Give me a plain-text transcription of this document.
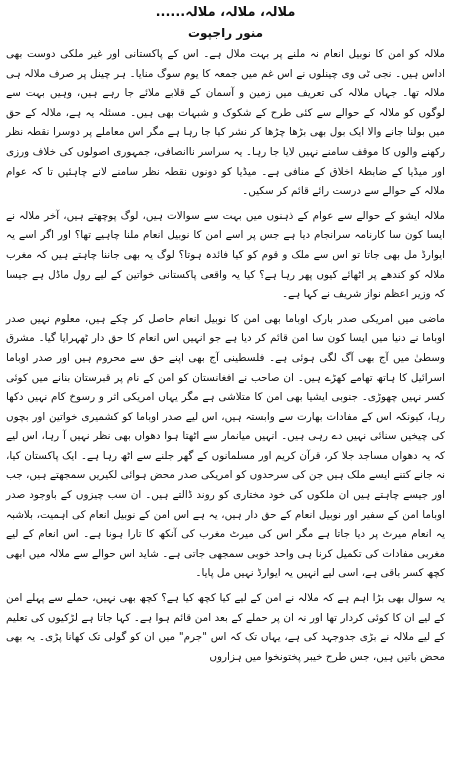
ملالہ، ملالہ، ملالہ......
منور راجپوت

ملالہ کو امن کا نوبیل انعام نہ ملنے پر بہت ملال ہے۔ اس کے پاکستانی اور غیر ملکی دوست بھی اداس ہیں۔ نجی ٹی وی چینلوں نے اس غم میں جمعہ کا یوم سوگ منایا۔ ہر چینل پر صرف ملالہ ہی ملالہ تھا۔ جہاں ملالہ کی تعریف میں زمین و آسمان کے قلابے ملائے جا رہے ہیں، وہیں بہت سے لوگوں کو ملالہ کے حوالے سے کئی طرح کے شکوک و شبہات بھی ہیں۔ مسئلہ یہ ہے، ملالہ کے حق میں بولنا جانے والا ایک بول بھی بڑھا چڑھا کر نشر کیا جا رہا ہے مگر اس معاملے پر دوسرا نقطہ نظر رکھنے والوں کا موقف سامنے نہیں لایا جا رہا۔ یہ سراسر ناانصافی، جمہوری اصولوں کی خلاف ورزی اور میڈیا کے ضابطۂ اخلاق کے منافی ہے۔ میڈیا کو دونوں نقطہ نظر سامنے لانے چاہئیں تا کہ عوام ملالہ کے حوالے سے درست رائے قائم کر سکیں۔

ملالہ ایشو کے حوالے سے عوام کے ذہنوں میں بہت سے سوالات ہیں، لوگ پوچھتے ہیں، آخر ملالہ نے ایسا کون سا کارنامہ سرانجام دیا ہے جس پر اسے امن کا نوبیل انعام ملنا چاہیے تھا؟ اور اگر اسے یہ ایوارڈ مل بھی جاتا تو اس سے ملک و قوم کو کیا فائدہ ہوتا؟ لوگ یہ بھی جاننا چاہتے ہیں کہ مغرب ملالہ کو کندھے پر اٹھائے کیوں پھر رہا ہے؟ کیا یہ واقعی پاکستانی خواتین کے لیے رول ماڈل ہے جیسا کہ وزیر اعظم نواز شریف نے کہا ہے۔

ماضی میں امریکی صدر بارک اوباما بھی امن کا نوبیل انعام حاصل کر چکے ہیں، معلوم نہیں صدر اوباما نے دنیا میں ایسا کون سا امن قائم کر دیا ہے جو انہیں اس انعام کا حق دار ٹھہرایا گیا۔ مشرق وسطیٰ میں آج بھی آگ لگی ہوئی ہے۔ فلسطینی آج بھی اپنے حق سے محروم ہیں اور صدر اوباما اسرائیل کا ہاتھ تھامے کھڑے ہیں۔ ان صاحب نے افغانستان کو امن کے نام پر قبرستان بنانے میں کوئی کسر نہیں چھوڑی۔ جنوبی ایشیا بھی امن کا متلاشی ہے مگر یہاں امریکی اثر و رسوخ کام نہیں دکھا رہا، کیونکہ اس کے مفادات بھارت سے وابستہ ہیں، اس لیے صدر اوباما کو کشمیری خواتین اور بچوں کی چیخیں سنائی نہیں دے رہی ہیں۔ انہیں میانمار سے اٹھتا ہوا دھواں بھی نظر نہیں آ رہا، اس لیے کہ یہ دھواں مساجد جلا کر، قرآن کریم اور مسلمانوں کے گھر جلنے سے اٹھ رہا ہے۔ ایک پاکستان کیا، نہ جانے کتنے ایسے ملک ہیں جن کی سرحدوں کو امریکی صدر محض ہوائی لکیریں سمجھتے ہیں، جب اور جیسے چاہتے ہیں ان ملکوں کی خود مختاری کو روند ڈالتے ہیں۔ ان سب چیزوں کے باوجود صدر اوباما امن کے سفیر اور نوبیل انعام کے حق دار ہیں، یہ ہے اس امن کے نوبیل انعام کی اہمیت، بلاشبہ یہ انعام میرٹ پر دیا جاتا ہے مگر اس کی میرٹ مغرب کی آنکھ کا تارا ہونا ہے۔ اس انعام کے لیے مغربی مفادات کی تکمیل کرنا ہی واحد خوبی سمجھی جاتی ہے۔ شاید اس حوالے سے ملالہ میں ابھی کچھ کسر باقی ہے، اسی لیے انہیں یہ ایوارڈ نہیں مل پایا۔

یہ سوال بھی بڑا اہم ہے کہ ملالہ نے امن کے لیے کیا کچھ کیا ہے؟ کچھ بھی نہیں، حملے سے پہلے امن کے لیے ان کا کوئی کردار تھا اور نہ ان پر حملے کے بعد امن قائم ہوا ہے۔ کہا جاتا ہے لڑکیوں کی تعلیم کے لیے ملالہ نے بڑی جدوجہد کی ہے، یہاں تک کہ اس "جرم" میں ان کو گولی تک کھانا پڑی۔ یہ بھی محض باتیں ہیں، جس طرح خیبر پختونخوا میں ہزاروں
